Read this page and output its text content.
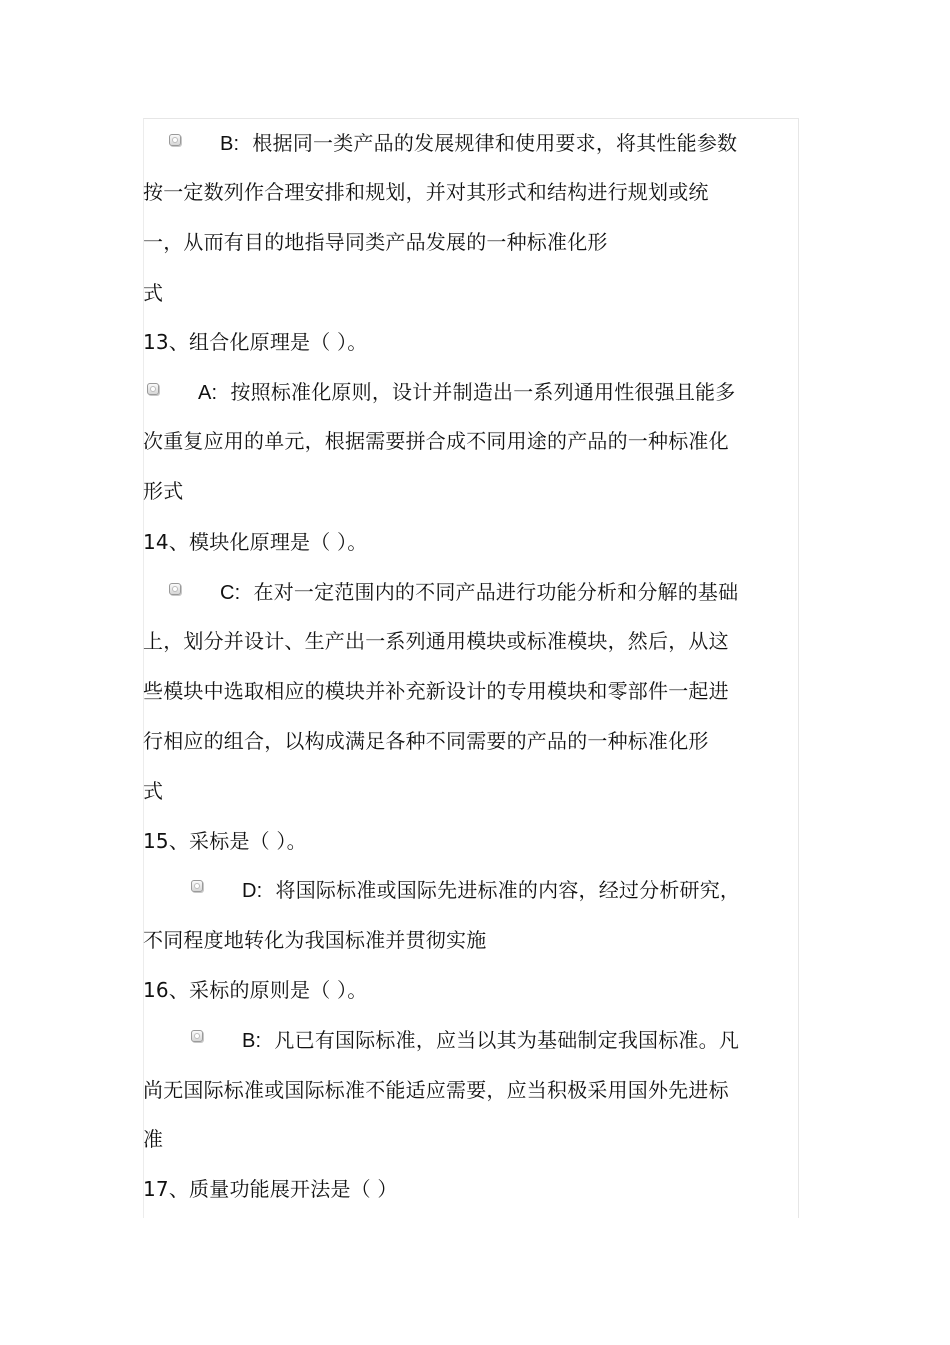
B: 根据同一类产品的发展规律和使用要求，将其性能参数
按一定数列作合理安排和规划，并对其形式和结构进行规划或统
一，从而有目的地指导同类产品发展的一种标准化形
式
13、组合化原理是（ ）。
A: 按照标准化原则，设计并制造出一系列通用性很强且能多
次重复应用的单元，根据需要拼合成不同用途的产品的一种标准化
形式
14、模块化原理是（ ）。
C: 在对一定范围内的不同产品进行功能分析和分解的基础
上，划分并设计、生产出一系列通用模块或标准模块，然后，从这
些模块中选取相应的模块并补充新设计的专用模块和零部件一起进
行相应的组合，以构成满足各种不同需要的产品的一种标准化形
式
15、采标是（ ）。
D: 将国际标准或国际先进标准的内容，经过分析研究，
不同程度地转化为我国标准并贯彻实施
16、采标的原则是（ ）。
B: 凡已有国际标准，应当以其为基础制定我国标准。凡
尚无国际标准或国际标准不能适应需要，应当积极采用国外先进标
准
17、质量功能展开法是（ ）
